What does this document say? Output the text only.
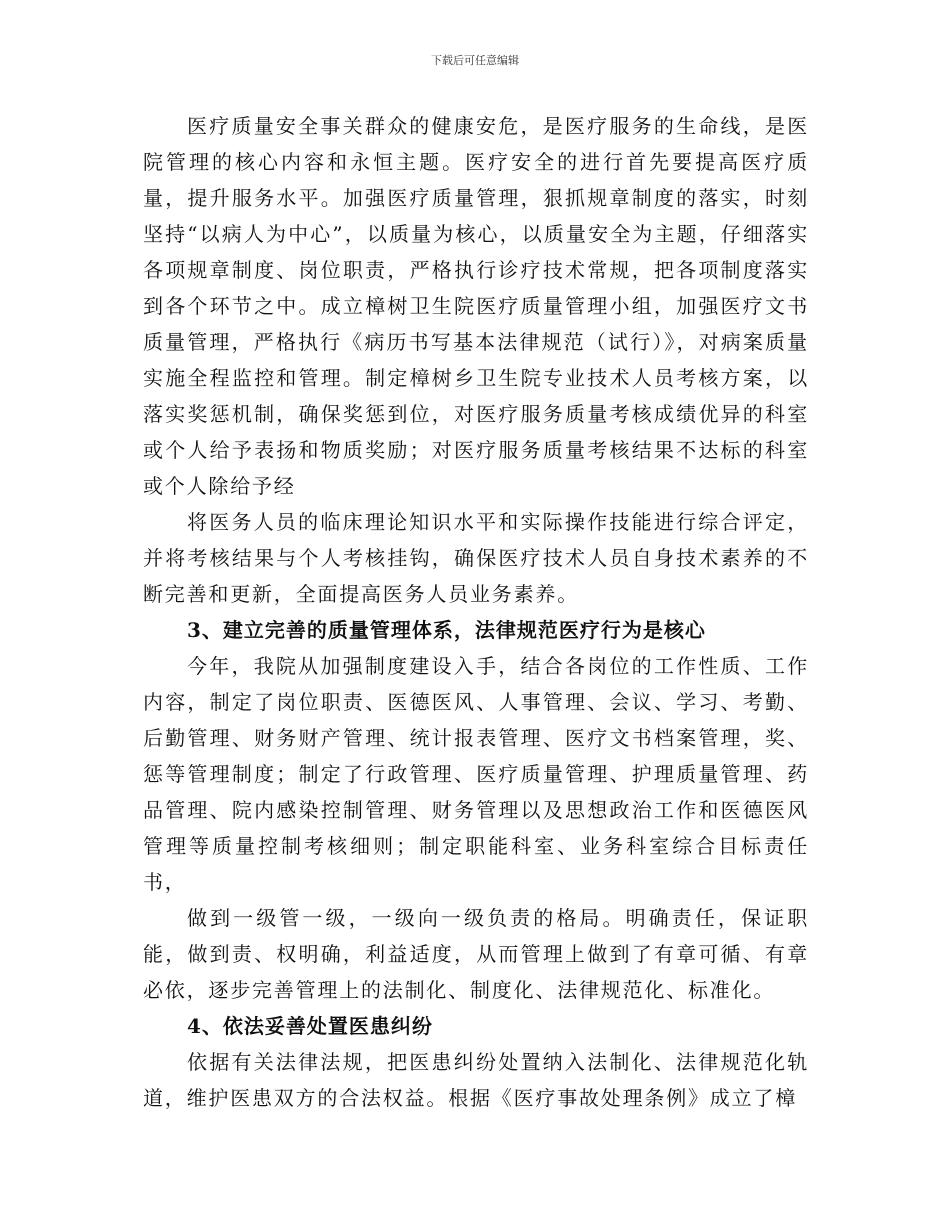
下载后可任意编辑

医疗质量安全事关群众的健康安危，是医疗服务的生命线，是医院管理的核心内容和永恒主题。医疗安全的进行首先要提高医疗质量，提升服务水平。加强医疗质量管理，狠抓规章制度的落实，时刻坚持“以病人为中心”，以质量为核心，以质量安全为主题，仔细落实各项规章制度、岗位职责，严格执行诊疗技术常规，把各项制度落实到各个环节之中。成立樟树卫生院医疗质量管理小组，加强医疗文书质量管理，严格执行《病历书写基本法律规范（试行）》，对病案质量实施全程监控和管理。制定樟树乡卫生院专业技术人员考核方案，以落实奖惩机制，确保奖惩到位，对医疗服务质量考核成绩优异的科室或个人给予表扬和物质奖励；对医疗服务质量考核结果不达标的科室或个人除给予经

将医务人员的临床理论知识水平和实际操作技能进行综合评定，并将考核结果与个人考核挂钩，确保医疗技术人员自身技术素养的不断完善和更新，全面提高医务人员业务素养。

3、建立完善的质量管理体系，法律规范医疗行为是核心

今年，我院从加强制度建设入手，结合各岗位的工作性质、工作内容，制定了岗位职责、医德医风、人事管理、会议、学习、考勤、后勤管理、财务财产管理、统计报表管理、医疗文书档案管理，奖、惩等管理制度；制定了行政管理、医疗质量管理、护理质量管理、药品管理、院内感染控制管理、财务管理以及思想政治工作和医德医风管理等质量控制考核细则；制定职能科室、业务科室综合目标责任书，

做到一级管一级，一级向一级负责的格局。明确责任，保证职能，做到责、权明确，利益适度，从而管理上做到了有章可循、有章必依，逐步完善管理上的法制化、制度化、法律规范化、标准化。

4、依法妥善处置医患纠纷

依据有关法律法规，把医患纠纷处置纳入法制化、法律规范化轨道，维护医患双方的合法权益。根据《医疗事故处理条例》成立了樟
